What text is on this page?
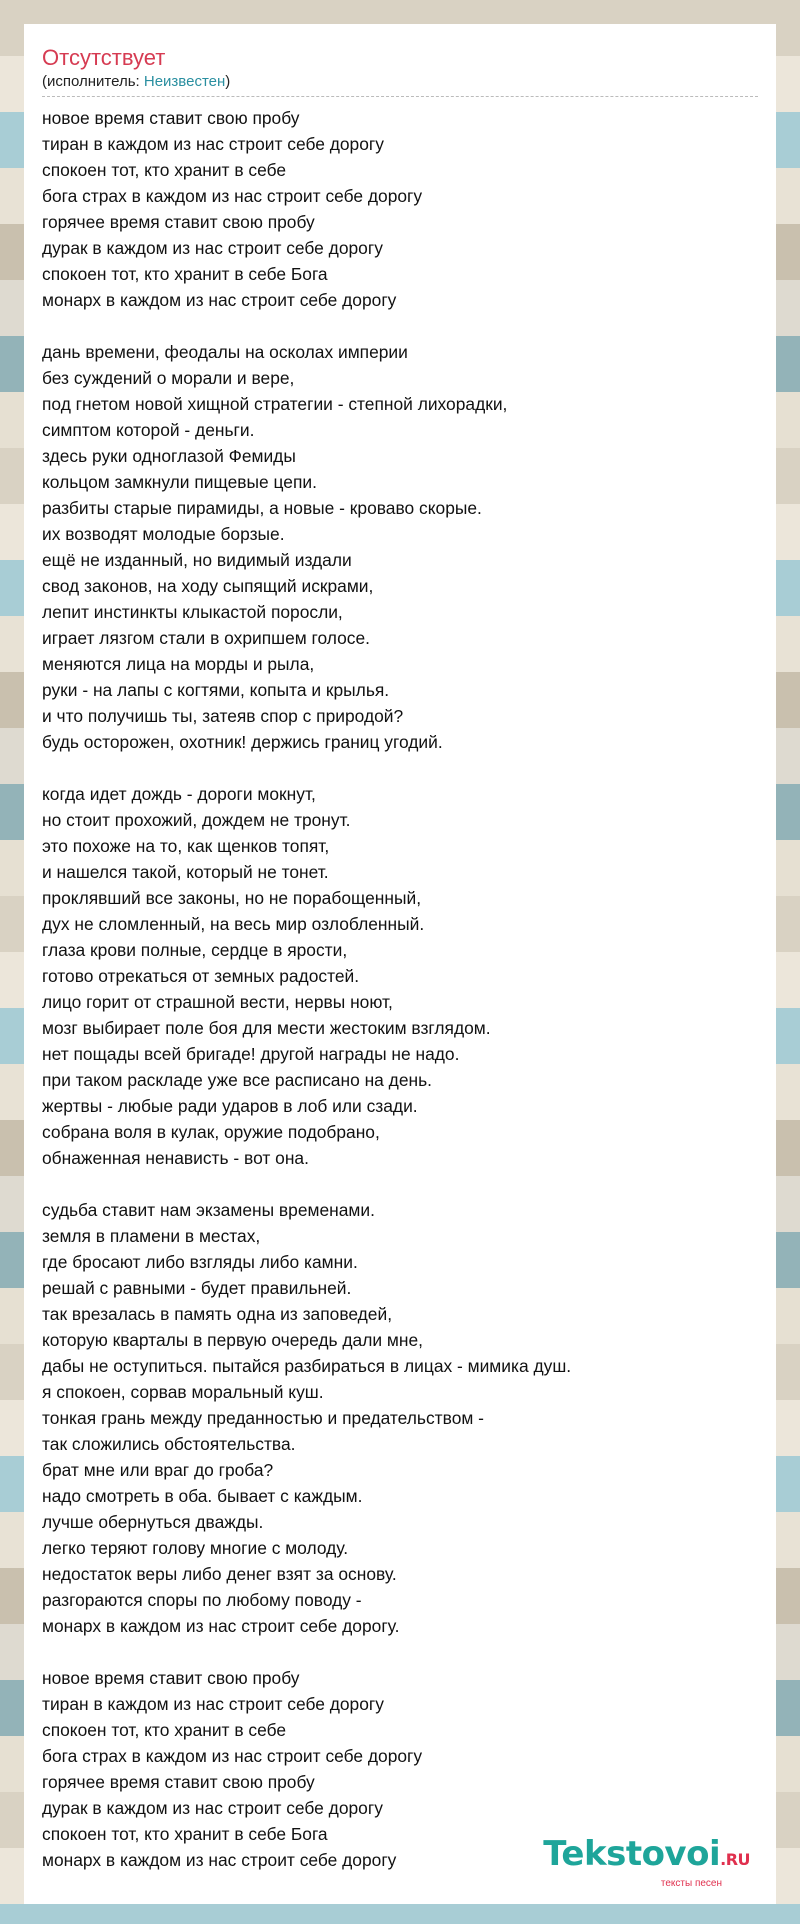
Отсутствует
(исполнитель: Неизвестен)
новое время ставит свою пробу
тиран в каждом из нас строит себе дорогу
спокоен тот, кто хранит в себе
бога страх в каждом из нас строит себе дорогу
горячее время ставит свою пробу
дурак в каждом из нас строит себе дорогу
спокоен тот, кто хранит в себе Бога
монарх в каждом из нас строит себе дорогу
дань времени, феодалы на осколах империи
без суждений о морали и вере,
под гнетом новой хищной стратегии - степной лихорадки,
симптом которой - деньги.
здесь руки одноглазой Фемиды
кольцом замкнули пищевые цепи.
разбиты старые пирамиды, а новые - кроваво скорые.
их возводят молодые борзые.
ещё не изданный, но видимый издали
свод законов, на ходу сыпящий искрами,
лепит инстинкты клыкастой поросли,
играет лязгом стали в охрипшем голосе.
меняются лица на морды и рыла,
руки - на лапы с когтями, копыта и крылья.
и что получишь ты, затеяв спор с природой?
будь осторожен, охотник! держись границ угодий.
когда идет дождь - дороги мокнут,
но стоит прохожий, дождем не тронут.
это похоже на то, как щенков топят,
и нашелся такой, который не тонет.
проклявший все законы, но не порабощенный,
дух не сломленный, на весь мир озлобленный.
глаза крови полные, сердце в ярости,
готово отрекаться от земных радостей.
лицо горит от страшной вести, нервы ноют,
мозг выбирает поле боя для мести жестоким взглядом.
нет пощады всей бригаде! другой награды не надо.
при таком раскладе уже все расписано на день.
жертвы - любые ради ударов в лоб или сзади.
собрана воля в кулак, оружие подобрано,
обнаженная ненависть - вот она.
судьба ставит нам экзамены временами.
земля в пламени в местах,
где бросают либо взгляды либо камни.
решай с равными - будет правильней.
так врезалась в память одна из заповедей,
которую кварталы в первую очередь дали мне,
дабы не оступиться. пытайся разбираться в лицах - мимика душ.
я спокоен, сорвав моральный куш.
тонкая грань между преданностью и предательством -
так сложились обстоятельства.
брат мне или враг до гроба?
надо смотреть в оба. бывает с каждым.
лучше обернуться дважды.
легко теряют голову многие с молоду.
недостаток веры либо денег взят за основу.
разгораются споры по любому поводу -
монарх в каждом из нас строит себе дорогу.
новое время ставит свою пробу
тиран в каждом из нас строит себе дорогу
спокоен тот, кто хранит в себе
бога страх в каждом из нас строит себе дорогу
горячее время ставит свою пробу
дурак в каждом из нас строит себе дорогу
спокоен тот, кто хранит в себе Бога
монарх в каждом из нас строит себе дорогу	Tekstovoi.RU
тексты песен
